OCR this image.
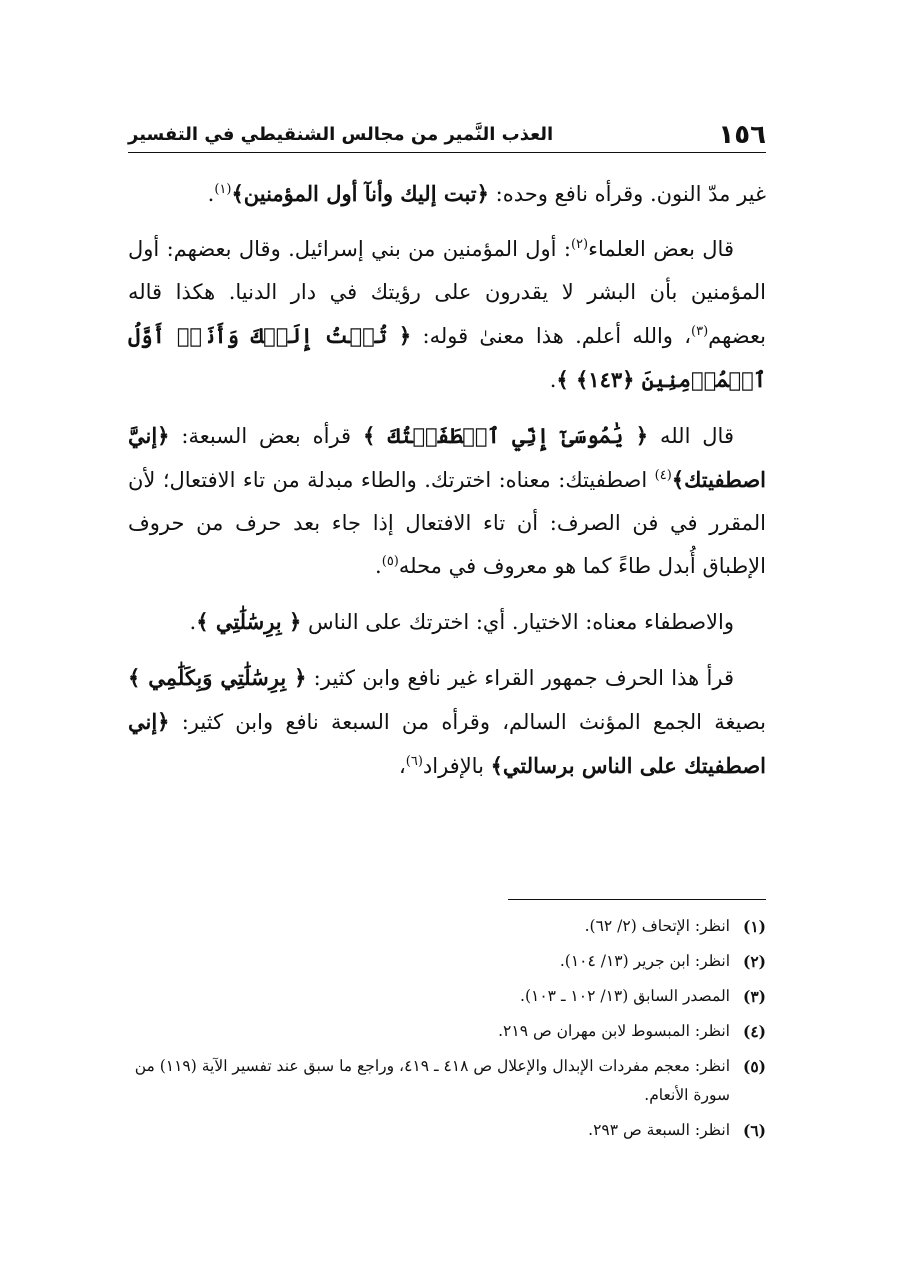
١٥٦
العذب النَّمير من مجالس الشنقيطي في التفسير

غير مدّ النون. وقرأه نافع وحده: ﴿تبت إليك وأنآ أول المؤمنين﴾$^{(١)}$.

قال بعض العلماء$^{(٢)}$: أول المؤمنين من بني إسرائيل. وقال بعضهم: أول المؤمنين بأن البشر لا يقدرون على رؤيتك في دار الدنيا. هكذا قاله بعضهم$^{(٣)}$، والله أعلم. هذا معنىٰ قوله: ﴿ تُبۡتُ إِلَيۡكَ وَأَنَا۠ أَوَّلُ ٱلۡمُؤۡمِنِينَ ﴿١٤٣﴾ ﴾.

قال الله ﴿ يَٰمُوسَىٰٓ إِنِّي ٱصۡطَفَيۡتُكَ ﴾ قرأه بعض السبعة: ﴿إنيَّ اصطفيتك﴾$^{(٤)}$ اصطفيتك: معناه: اخترتك. والطاء مبدلة من تاء الافتعال؛ لأن المقرر في فن الصرف: أن تاء الافتعال إذا جاء بعد حرف من حروف الإطباق أُبدل طاءً كما هو معروف في محله$^{(٥)}$.

والاصطفاء معناه: الاختيار. أي: اخترتك على الناس ﴿ بِرِسَٰلَٰتِي ﴾.

قرأ هذا الحرف جمهور القراء غير نافع وابن كثير: ﴿ بِرِسَٰلَٰتِي وَبِكَلَٰمِي ﴾ بصيغة الجمع المؤنث السالم، وقرأه من السبعة نافع وابن كثير: ﴿إني اصطفيتك على الناس برسالتي﴾ بالإفراد$^{(٦)}$،

(١)
انظر: الإتحاف (٢/ ٦٢).
(٢)
انظر: ابن جرير (١٣/ ١٠٤).
(٣)
المصدر السابق (١٣/ ١٠٢ ـ ١٠٣).
(٤)
انظر: المبسوط لابن مهران ص ٢١٩.
(٥)
انظر: معجم مفردات الإبدال والإعلال ص ٤١٨ ـ ٤١٩، وراجع ما سبق عند تفسير الآية (١١٩) من سورة الأنعام.
(٦)
انظر: السبعة ص ٢٩٣.
